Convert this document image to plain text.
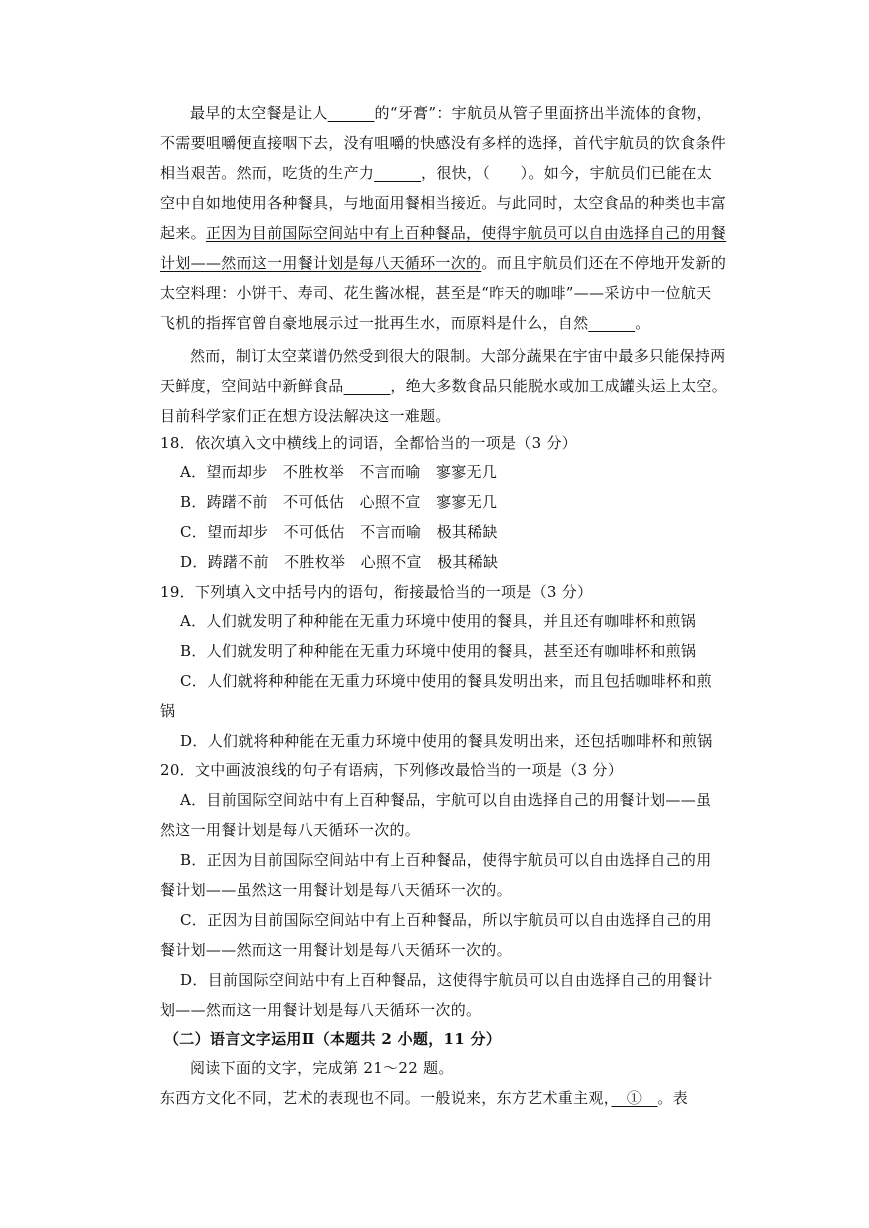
最早的太空餐是让人______的“牙膏”：宇航员从管子里面挤出半流体的食物，
不需要咀嚼便直接咽下去，没有咀嚼的快感没有多样的选择，首代宇航员的饮食条件
相当艰苦。然而，吃货的生产力______，很快，（　　）。如今，宇航员们已能在太
空中自如地使用各种餐具，与地面用餐相当接近。与此同时，太空食品的种类也丰富
起来。正因为目前国际空间站中有上百种餐品，使得宇航员可以自由选择自己的用餐
计划——然而这一用餐计划是每八天循环一次的。而且宇航员们还在不停地开发新的
太空料理：小饼干、寿司、花生酱冰棍，甚至是“昨天的咖啡”——采访中一位航天
飞机的指挥官曾自豪地展示过一批再生水，而原料是什么，自然______。
然而，制订太空菜谱仍然受到很大的限制。大部分蔬果在宇宙中最多只能保持两
天鲜度，空间站中新鲜食品______，绝大多数食品只能脱水或加工成罐头运上太空。
目前科学家们正在想方设法解决这一难题。
18．依次填入文中横线上的词语，全都恰当的一项是（3 分）
A．望而却步　不胜枚举　不言而喻　寥寥无几
B．踌躇不前　不可低估　心照不宣　寥寥无几
C．望而却步　不可低估　不言而喻　极其稀缺
D．踌躇不前　不胜枚举　心照不宣　极其稀缺
19．下列填入文中括号内的语句，衔接最恰当的一项是（3 分）
A．人们就发明了种种能在无重力环境中使用的餐具，并且还有咖啡杯和煎锅
B．人们就发明了种种能在无重力环境中使用的餐具，甚至还有咖啡杯和煎锅
C．人们就将种种能在无重力环境中使用的餐具发明出来，而且包括咖啡杯和煎
锅
D．人们就将种种能在无重力环境中使用的餐具发明出来，还包括咖啡杯和煎锅
20．文中画波浪线的句子有语病，下列修改最恰当的一项是（3 分）
A．目前国际空间站中有上百种餐品，宇航可以自由选择自己的用餐计划——虽
然这一用餐计划是每八天循环一次的。
B．正因为目前国际空间站中有上百种餐品，使得宇航员可以自由选择自己的用
餐计划——虽然这一用餐计划是每八天循环一次的。
C．正因为目前国际空间站中有上百种餐品，所以宇航员可以自由选择自己的用
餐计划——然而这一用餐计划是每八天循环一次的。
D．目前国际空间站中有上百种餐品，这使得宇航员可以自由选择自己的用餐计
划——然而这一用餐计划是每八天循环一次的。
（二）语言文字运用Ⅱ（本题共 2 小题，11 分）
阅读下面的文字，完成第 21～22 题。
东西方文化不同，艺术的表现也不同。一般说来，东方艺术重主观，　①　。表
